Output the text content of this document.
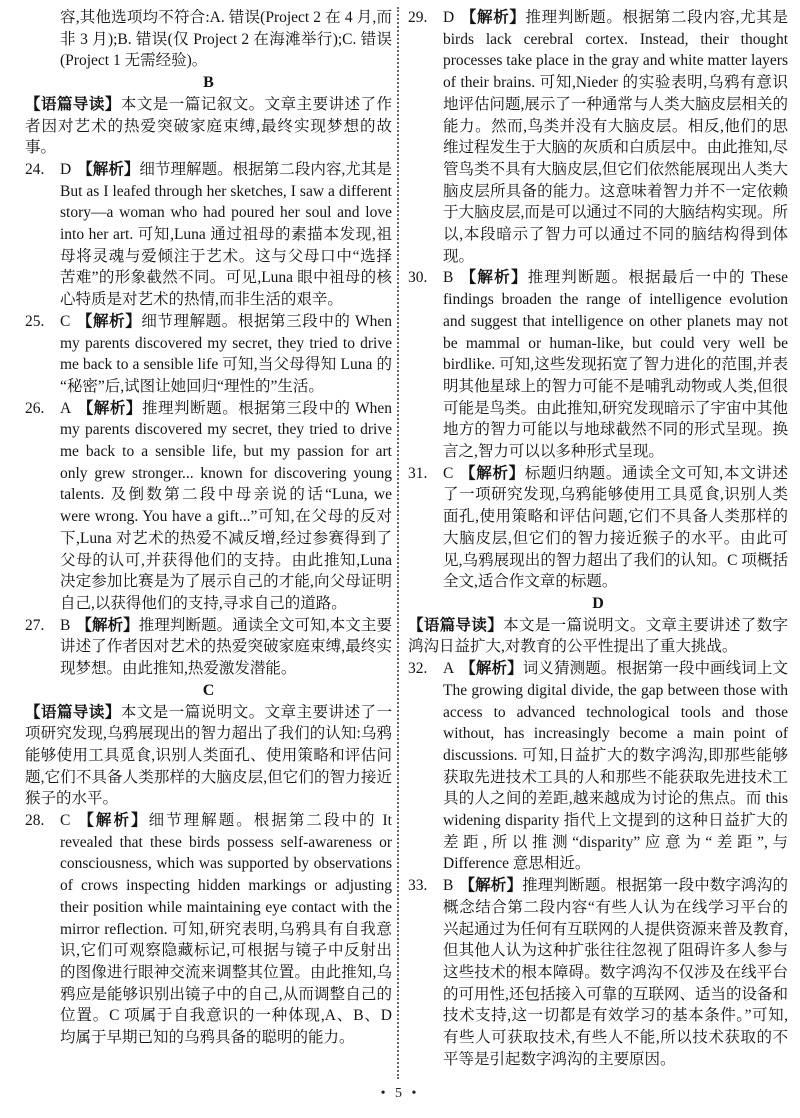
容,其他选项均不符合:A. 错误(Project 2 在 4 月,而非 3 月);B. 错误(仅 Project 2 在海滩举行);C. 错误(Project 1 无需经验)。

B

【语篇导读】本文是一篇记叙文。文章主要讲述了作者因对艺术的热爱突破家庭束缚,最终实现梦想的故事。

24. D 【解析】细节理解题。根据第二段内容,尤其是 But as I leafed through her sketches, I saw a different story—a woman who had poured her soul and love into her art. 可知,Luna 通过祖母的素描本发现,祖母将灵魂与爱倾注于艺术。这与父母口中“选择苦难”的形象截然不同。可见,Luna 眼中祖母的核心特质是对艺术的热情,而非生活的艰辛。

25. C 【解析】细节理解题。根据第三段中的 When my parents discovered my secret, they tried to drive me back to a sensible life 可知,当父母得知 Luna 的“秘密”后,试图让她回归“理性的”生活。

26. A 【解析】推理判断题。根据第三段中的 When my parents discovered my secret, they tried to drive me back to a sensible life, but my passion for art only grew stronger... known for discovering young talents. 及倒数第二段中母亲说的话“Luna, we were wrong. You have a gift...”可知,在父母的反对下,Luna 对艺术的热爱不减反增,经过参赛得到了父母的认可,并获得他们的支持。由此推知,Luna 决定参加比赛是为了展示自己的才能,向父母证明自己,以获得他们的支持,寻求自己的道路。

27. B 【解析】推理判断题。通读全文可知,本文主要讲述了作者因对艺术的热爱突破家庭束缚,最终实现梦想。由此推知,热爱激发潜能。

C

【语篇导读】本文是一篇说明文。文章主要讲述了一项研究发现,乌鸦展现出的智力超出了我们的认知:乌鸦能够使用工具觅食,识别人类面孔、使用策略和评估问题,它们不具备人类那样的大脑皮层,但它们的智力接近猴子的水平。

28. C 【解析】细节理解题。根据第二段中的 It revealed that these birds possess self-awareness or consciousness, which was supported by observations of crows inspecting hidden markings or adjusting their position while maintaining eye contact with the mirror reflection. 可知,研究表明,乌鸦具有自我意识,它们可观察隐藏标记,可根据与镜子中反射出的图像进行眼神交流来调整其位置。由此推知,乌鸦应是能够识别出镜子中的自己,从而调整自己的位置。C 项属于自我意识的一种体现,A、B、D 均属于早期已知的乌鸦具备的聪明的能力。

29. D 【解析】推理判断题。根据第二段内容,尤其是 birds lack cerebral cortex. Instead, their thought processes take place in the gray and white matter layers of their brains. 可知,Nieder 的实验表明,乌鸦有意识地评估问题,展示了一种通常与人类大脑皮层相关的能力。然而,鸟类并没有大脑皮层。相反,他们的思维过程发生于大脑的灰质和白质层中。由此推知,尽管鸟类不具有大脑皮层,但它们依然能展现出人类大脑皮层所具备的能力。这意味着智力并不一定依赖于大脑皮层,而是可以通过不同的大脑结构实现。所以,本段暗示了智力可以通过不同的脑结构得到体现。

30. B 【解析】推理判断题。根据最后一中的 These findings broaden the range of intelligence evolution and suggest that intelligence on other planets may not be mammal or human-like, but could very well be birdlike. 可知,这些发现拓宽了智力进化的范围,并表明其他星球上的智力可能不是哺乳动物或人类,但很可能是鸟类。由此推知,研究发现暗示了宇宙中其他地方的智力可能以与地球截然不同的形式呈现。换言之,智力可以以多种形式呈现。

31. C 【解析】标题归纳题。通读全文可知,本文讲述了一项研究发现,乌鸦能够使用工具觅食,识别人类面孔,使用策略和评估问题,它们不具备人类那样的大脑皮层,但它们的智力接近猴子的水平。由此可见,乌鸦展现出的智力超出了我们的认知。C 项概括全文,适合作文章的标题。

D

【语篇导读】本文是一篇说明文。文章主要讲述了数字鸿沟日益扩大,对教育的公平性提出了重大挑战。

32. A 【解析】词义猜测题。根据第一段中画线词上文 The growing digital divide, the gap between those with access to advanced technological tools and those without, has increasingly become a main point of discussions. 可知,日益扩大的数字鸿沟,即那些能够获取先进技术工具的人和那些不能获取先进技术工具的人之间的差距,越来越成为讨论的焦点。而 this widening disparity 指代上文提到的这种日益扩大的差距,所以推测“disparity”应意为“差距”,与 Difference 意思相近。

33. B 【解析】推理判断题。根据第一段中数字鸿沟的概念结合第二段内容“有些人认为在线学习平台的兴起通过为任何有互联网的人提供资源来普及教育,但其他人认为这种扩张往往忽视了阻碍许多人参与这些技术的根本障碍。数字鸿沟不仅涉及在线平台的可用性,还包括接入可靠的互联网、适当的设备和技术支持,这一切都是有效学习的基本条件。”可知,有些人可获取技术,有些人不能,所以技术获取的不平等是引起数字鸿沟的主要原因。

• 5 •
